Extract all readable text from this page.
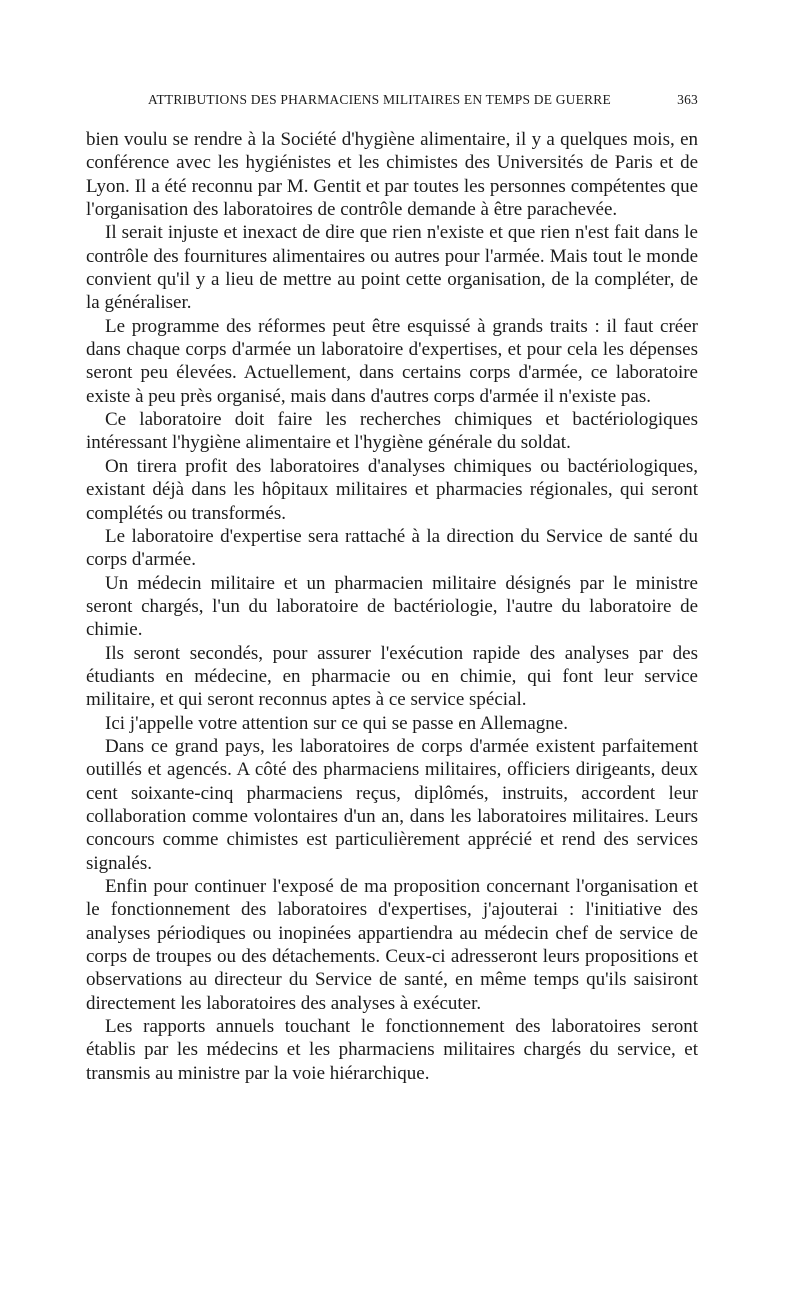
ATTRIBUTIONS DES PHARMACIENS MILITAIRES EN TEMPS DE GUERRE	363

bien voulu se rendre à la Société d'hygiène alimentaire, il y a quelques mois, en conférence avec les hygiénistes et les chimistes des Universités de Paris et de Lyon. Il a été reconnu par M. Gentit et par toutes les personnes compétentes que l'organisation des laboratoires de contrôle demande à être parachevée.

Il serait injuste et inexact de dire que rien n'existe et que rien n'est fait dans le contrôle des fournitures alimentaires ou autres pour l'armée. Mais tout le monde convient qu'il y a lieu de mettre au point cette organisation, de la compléter, de la généraliser.

Le programme des réformes peut être esquissé à grands traits : il faut créer dans chaque corps d'armée un laboratoire d'expertises, et pour cela les dépenses seront peu élevées. Actuellement, dans certains corps d'armée, ce laboratoire existe à peu près organisé, mais dans d'autres corps d'armée il n'existe pas.

Ce laboratoire doit faire les recherches chimiques et bactériologiques intéressant l'hygiène alimentaire et l'hygiène générale du soldat.

On tirera profit des laboratoires d'analyses chimiques ou bactériologiques, existant déjà dans les hôpitaux militaires et pharmacies régionales, qui seront complétés ou transformés.

Le laboratoire d'expertise sera rattaché à la direction du Service de santé du corps d'armée.

Un médecin militaire et un pharmacien militaire désignés par le ministre seront chargés, l'un du laboratoire de bactériologie, l'autre du laboratoire de chimie.

Ils seront secondés, pour assurer l'exécution rapide des analyses par des étudiants en médecine, en pharmacie ou en chimie, qui font leur service militaire, et qui seront reconnus aptes à ce service spécial.

Ici j'appelle votre attention sur ce qui se passe en Allemagne.

Dans ce grand pays, les laboratoires de corps d'armée existent parfaitement outillés et agencés. A côté des pharmaciens militaires, officiers dirigeants, deux cent soixante-cinq pharmaciens reçus, diplômés, instruits, accordent leur collaboration comme volontaires d'un an, dans les laboratoires militaires. Leurs concours comme chimistes est particulièrement apprécié et rend des services signalés.

Enfin pour continuer l'exposé de ma proposition concernant l'organisation et le fonctionnement des laboratoires d'expertises, j'ajouterai : l'initiative des analyses périodiques ou inopinées appartiendra au médecin chef de service de corps de troupes ou des détachements. Ceux-ci adresseront leurs propositions et observations au directeur du Service de santé, en même temps qu'ils saisiront directement les laboratoires des analyses à exécuter.

Les rapports annuels touchant le fonctionnement des laboratoires seront établis par les médecins et les pharmaciens militaires chargés du service, et transmis au ministre par la voie hiérarchique.
